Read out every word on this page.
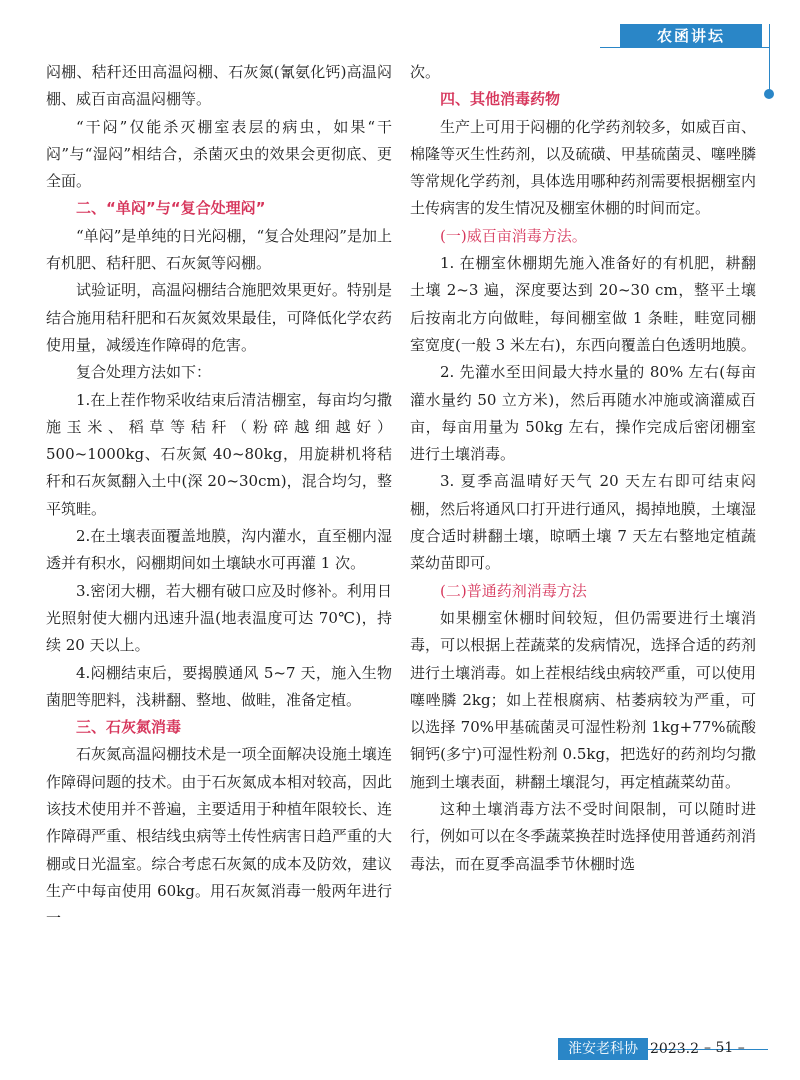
农函讲坛

闷棚、秸秆还田高温闷棚、石灰氮(氰氨化钙)高温闷棚、威百亩高温闷棚等。

“干闷”仅能杀灭棚室表层的病虫，如果“干闷”与“湿闷”相结合，杀菌灭虫的效果会更彻底、更全面。

二、“单闷”与“复合处理闷”

“单闷”是单纯的日光闷棚，“复合处理闷”是加上有机肥、秸秆肥、石灰氮等闷棚。

试验证明，高温闷棚结合施肥效果更好。特别是结合施用秸秆肥和石灰氮效果最佳，可降低化学农药使用量，减缓连作障碍的危害。

复合处理方法如下：

1.在上茬作物采收结束后清洁棚室，每亩均匀撒施玉米、稻草等秸秆（粉碎越细越好）500~1000kg、石灰氮 40~80kg，用旋耕机将秸秆和石灰氮翻入土中(深 20~30cm)，混合均匀，整平筑畦。

2.在土壤表面覆盖地膜，沟内灌水，直至棚内湿透并有积水，闷棚期间如土壤缺水可再灌 1 次。

3.密闭大棚，若大棚有破口应及时修补。利用日光照射使大棚内迅速升温(地表温度可达 70℃)，持续 20 天以上。

4.闷棚结束后，要揭膜通风 5~7 天，施入生物菌肥等肥料，浅耕翻、整地、做畦，准备定植。

三、石灰氮消毒

石灰氮高温闷棚技术是一项全面解决设施土壤连作障碍问题的技术。由于石灰氮成本相对较高，因此该技术使用并不普遍，主要适用于种植年限较长、连作障碍严重、根结线虫病等土传性病害日趋严重的大棚或日光温室。综合考虑石灰氮的成本及防效，建议生产中每亩使用 60kg。用石灰氮消毒一般两年进行一

次。

四、其他消毒药物

生产上可用于闷棚的化学药剂较多，如威百亩、棉隆等灭生性药剂，以及硫磺、甲基硫菌灵、噻唑膦等常规化学药剂，具体选用哪种药剂需要根据棚室内土传病害的发生情况及棚室休棚的时间而定。

(一)威百亩消毒方法。

1. 在棚室休棚期先施入准备好的有机肥，耕翻土壤 2~3 遍，深度要达到 20~30 cm，整平土壤后按南北方向做畦，每间棚室做 1 条畦，畦宽同棚室宽度(一般 3 米左右)，东西向覆盖白色透明地膜。

2. 先灌水至田间最大持水量的 80% 左右(每亩灌水量约 50 立方米)，然后再随水冲施或滴灌威百亩，每亩用量为 50kg 左右，操作完成后密闭棚室进行土壤消毒。

3. 夏季高温晴好天气 20 天左右即可结束闷棚，然后将通风口打开进行通风，揭掉地膜，土壤湿度合适时耕翻土壤，晾晒土壤 7 天左右整地定植蔬菜幼苗即可。

(二)普通药剂消毒方法

如果棚室休棚时间较短，但仍需要进行土壤消毒，可以根据上茬蔬菜的发病情况，选择合适的药剂进行土壤消毒。如上茬根结线虫病较严重，可以使用噻唑膦 2kg；如上茬根腐病、枯萎病较为严重，可以选择 70%甲基硫菌灵可湿性粉剂 1kg+77%硫酸铜钙(多宁)可湿性粉剂 0.5kg，把选好的药剂均匀撒施到土壤表面，耕翻土壤混匀，再定植蔬菜幼苗。

这种土壤消毒方法不受时间限制，可以随时进行，例如可以在冬季蔬菜换茬时选择使用普通药剂消毒法，而在夏季高温季节休棚时选

淮安老科协 2023.2 – 51 –
